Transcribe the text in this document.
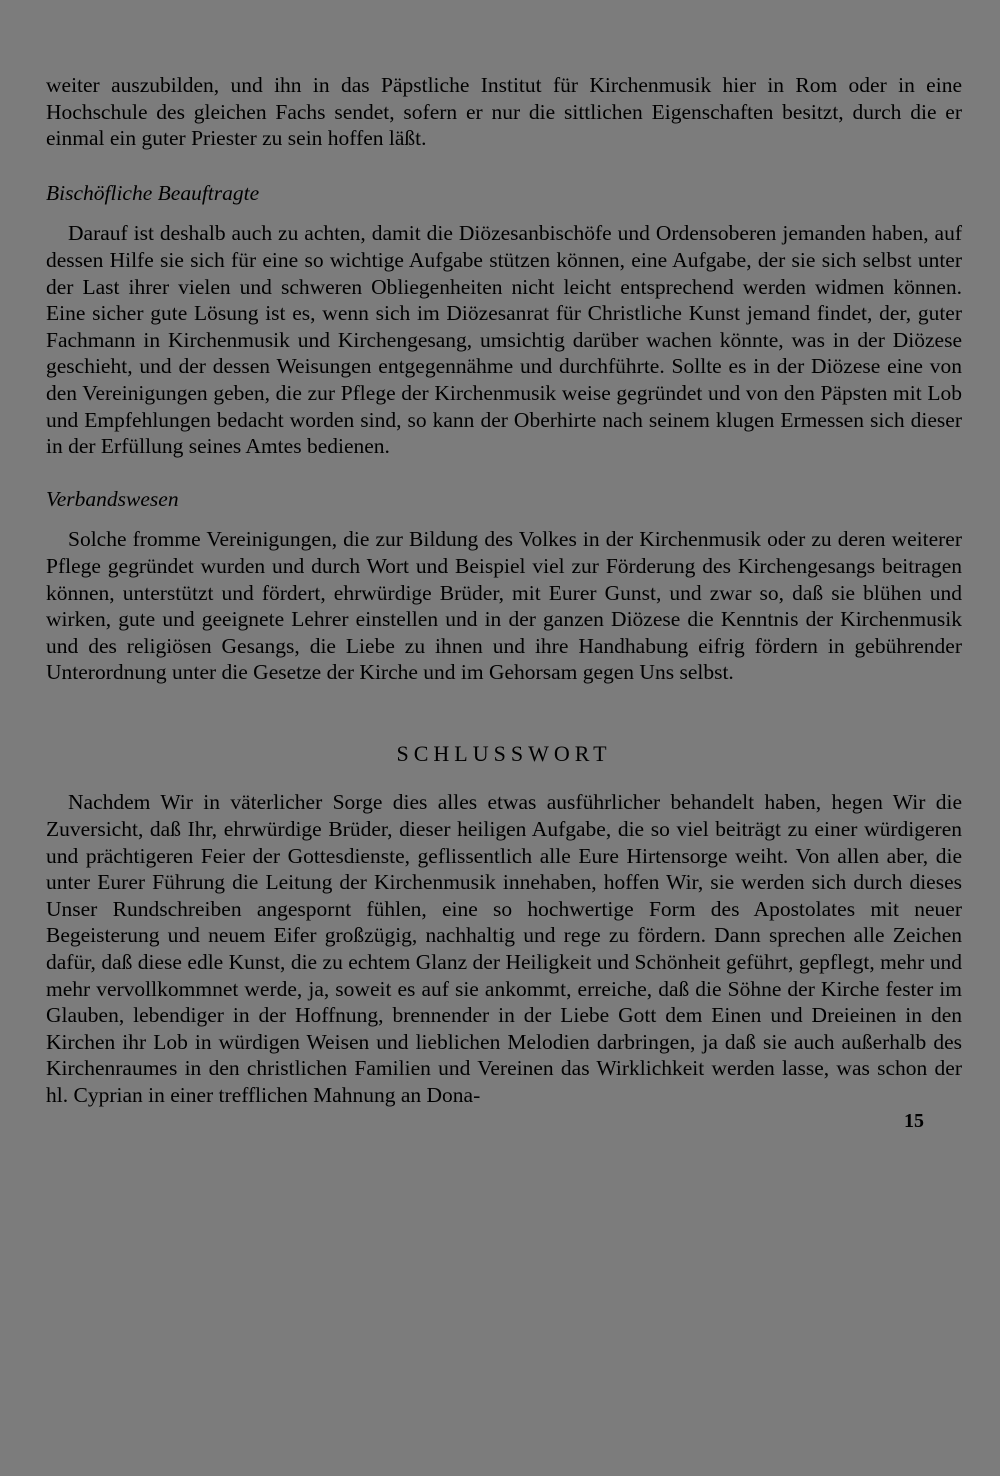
weiter auszubilden, und ihn in das Päpstliche Institut für Kirchenmusik hier in Rom oder in eine Hochschule des gleichen Fachs sendet, sofern er nur die sittlichen Eigenschaften besitzt, durch die er einmal ein guter Priester zu sein hoffen läßt.

Bischöfliche Beauftragte

Darauf ist deshalb auch zu achten, damit die Diözesanbischöfe und Ordensoberen jemanden haben, auf dessen Hilfe sie sich für eine so wichtige Aufgabe stützen können, eine Aufgabe, der sie sich selbst unter der Last ihrer vielen und schweren Obliegenheiten nicht leicht entsprechend werden widmen können. Eine sicher gute Lösung ist es, wenn sich im Diözesanrat für Christliche Kunst jemand findet, der, guter Fachmann in Kirchenmusik und Kirchengesang, umsichtig darüber wachen könnte, was in der Diözese geschieht, und der dessen Weisungen entgegennähme und durchführte. Sollte es in der Diözese eine von den Vereinigungen geben, die zur Pflege der Kirchenmusik weise gegründet und von den Päpsten mit Lob und Empfehlungen bedacht worden sind, so kann der Oberhirte nach seinem klugen Ermessen sich dieser in der Erfüllung seines Amtes bedienen.

Verbandswesen

Solche fromme Vereinigungen, die zur Bildung des Volkes in der Kirchenmusik oder zu deren weiterer Pflege gegründet wurden und durch Wort und Beispiel viel zur Förderung des Kirchengesangs beitragen können, unterstützt und fördert, ehrwürdige Brüder, mit Eurer Gunst, und zwar so, daß sie blühen und wirken, gute und geeignete Lehrer einstellen und in der ganzen Diözese die Kenntnis der Kirchenmusik und des religiösen Gesangs, die Liebe zu ihnen und ihre Handhabung eifrig fördern in gebührender Unterordnung unter die Gesetze der Kirche und im Gehorsam gegen Uns selbst.

SCHLUSSWORT

Nachdem Wir in väterlicher Sorge dies alles etwas ausführlicher behandelt haben, hegen Wir die Zuversicht, daß Ihr, ehrwürdige Brüder, dieser heiligen Aufgabe, die so viel beiträgt zu einer würdigeren und prächtigeren Feier der Gottesdienste, geflissentlich alle Eure Hirtensorge weiht. Von allen aber, die unter Eurer Führung die Leitung der Kirchenmusik innehaben, hoffen Wir, sie werden sich durch dieses Unser Rundschreiben angespornt fühlen, eine so hochwertige Form des Apostolates mit neuer Begeisterung und neuem Eifer großzügig, nachhaltig und rege zu fördern. Dann sprechen alle Zeichen dafür, daß diese edle Kunst, die zu echtem Glanz der Heiligkeit und Schönheit geführt, gepflegt, mehr und mehr vervollkommnet werde, ja, soweit es auf sie ankommt, erreiche, daß die Söhne der Kirche fester im Glauben, lebendiger in der Hoffnung, brennender in der Liebe Gott dem Einen und Dreieinen in den Kirchen ihr Lob in würdigen Weisen und lieblichen Melodien darbringen, ja daß sie auch außerhalb des Kirchenraumes in den christlichen Familien und Vereinen das Wirklichkeit werden lasse, was schon der hl. Cyprian in einer trefflichen Mahnung an Dona-

15
